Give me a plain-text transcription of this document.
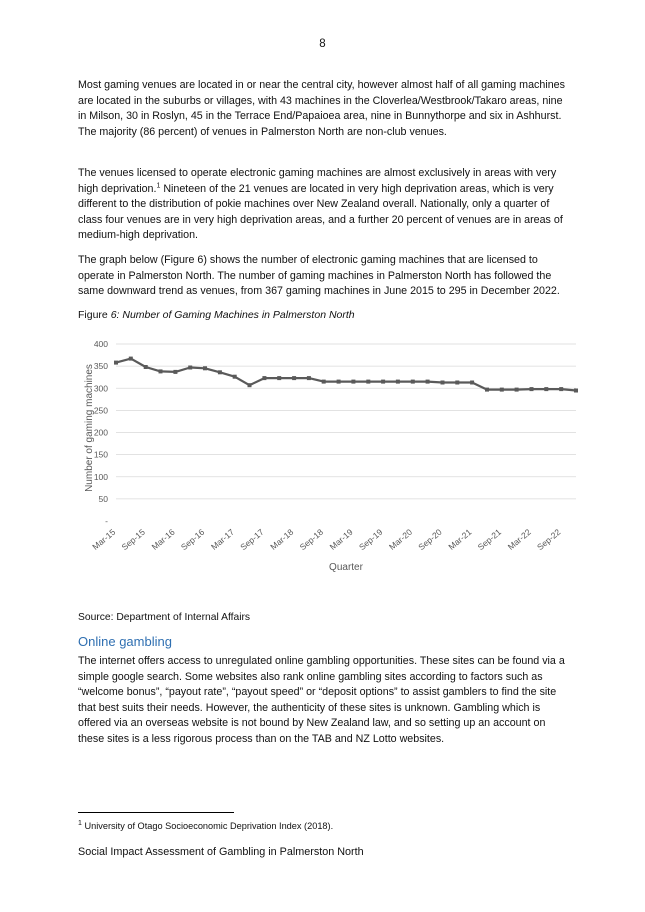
8
Most gaming venues are located in or near the central city, however almost half of all gaming machines are located in the suburbs or villages, with 43 machines in the Cloverlea/Westbrook/Takaro areas, nine in Milson, 30 in Roslyn, 45 in the Terrace End/Papaioea area, nine in Bunnythorpe and six in Ashhurst. The majority (86 percent) of venues in Palmerston North are non-club venues.
The venues licensed to operate electronic gaming machines are almost exclusively in areas with very high deprivation.$^1$ Nineteen of the 21 venues are located in very high deprivation areas, which is very different to the distribution of pokie machines over New Zealand overall. Nationally, only a quarter of class four venues are in very high deprivation areas, and a further 20 percent of venues are in areas of medium-high deprivation.
The graph below (Figure 6) shows the number of electronic gaming machines that are licensed to operate in Palmerston North. The number of gaming machines in Palmerston North has followed the same downward trend as venues, from 367 gaming machines in June 2015 to 295 in December 2022.
Figure 6: Number of Gaming Machines in Palmerston North
-
50
100
150
200
250
300
350
400
Mar-15 Sep-15 Mar-16 Sep-16 Mar-17 Sep-17 Mar-18 Sep-18 Mar-19 Sep-19 Mar-20 Sep-20 Mar-21 Sep-21 Mar-22 Sep-22
Number of gaming machines
Quarter
Source: Department of Internal Affairs
Online gambling
The internet offers access to unregulated online gambling opportunities. These sites can be found via a simple google search. Some websites also rank online gambling sites according to factors such as “welcome bonus”, “payout rate”, “payout speed” or “deposit options” to assist gamblers to find the site that best suits their needs. However, the authenticity of these sites is unknown. Gambling which is offered via an overseas website is not bound by New Zealand law, and so setting up an account on these sites is a less rigorous process than on the TAB and NZ Lotto websites.
$^1$ University of Otago Socioeconomic Deprivation Index (2018).
Social Impact Assessment of Gambling in Palmerston North
